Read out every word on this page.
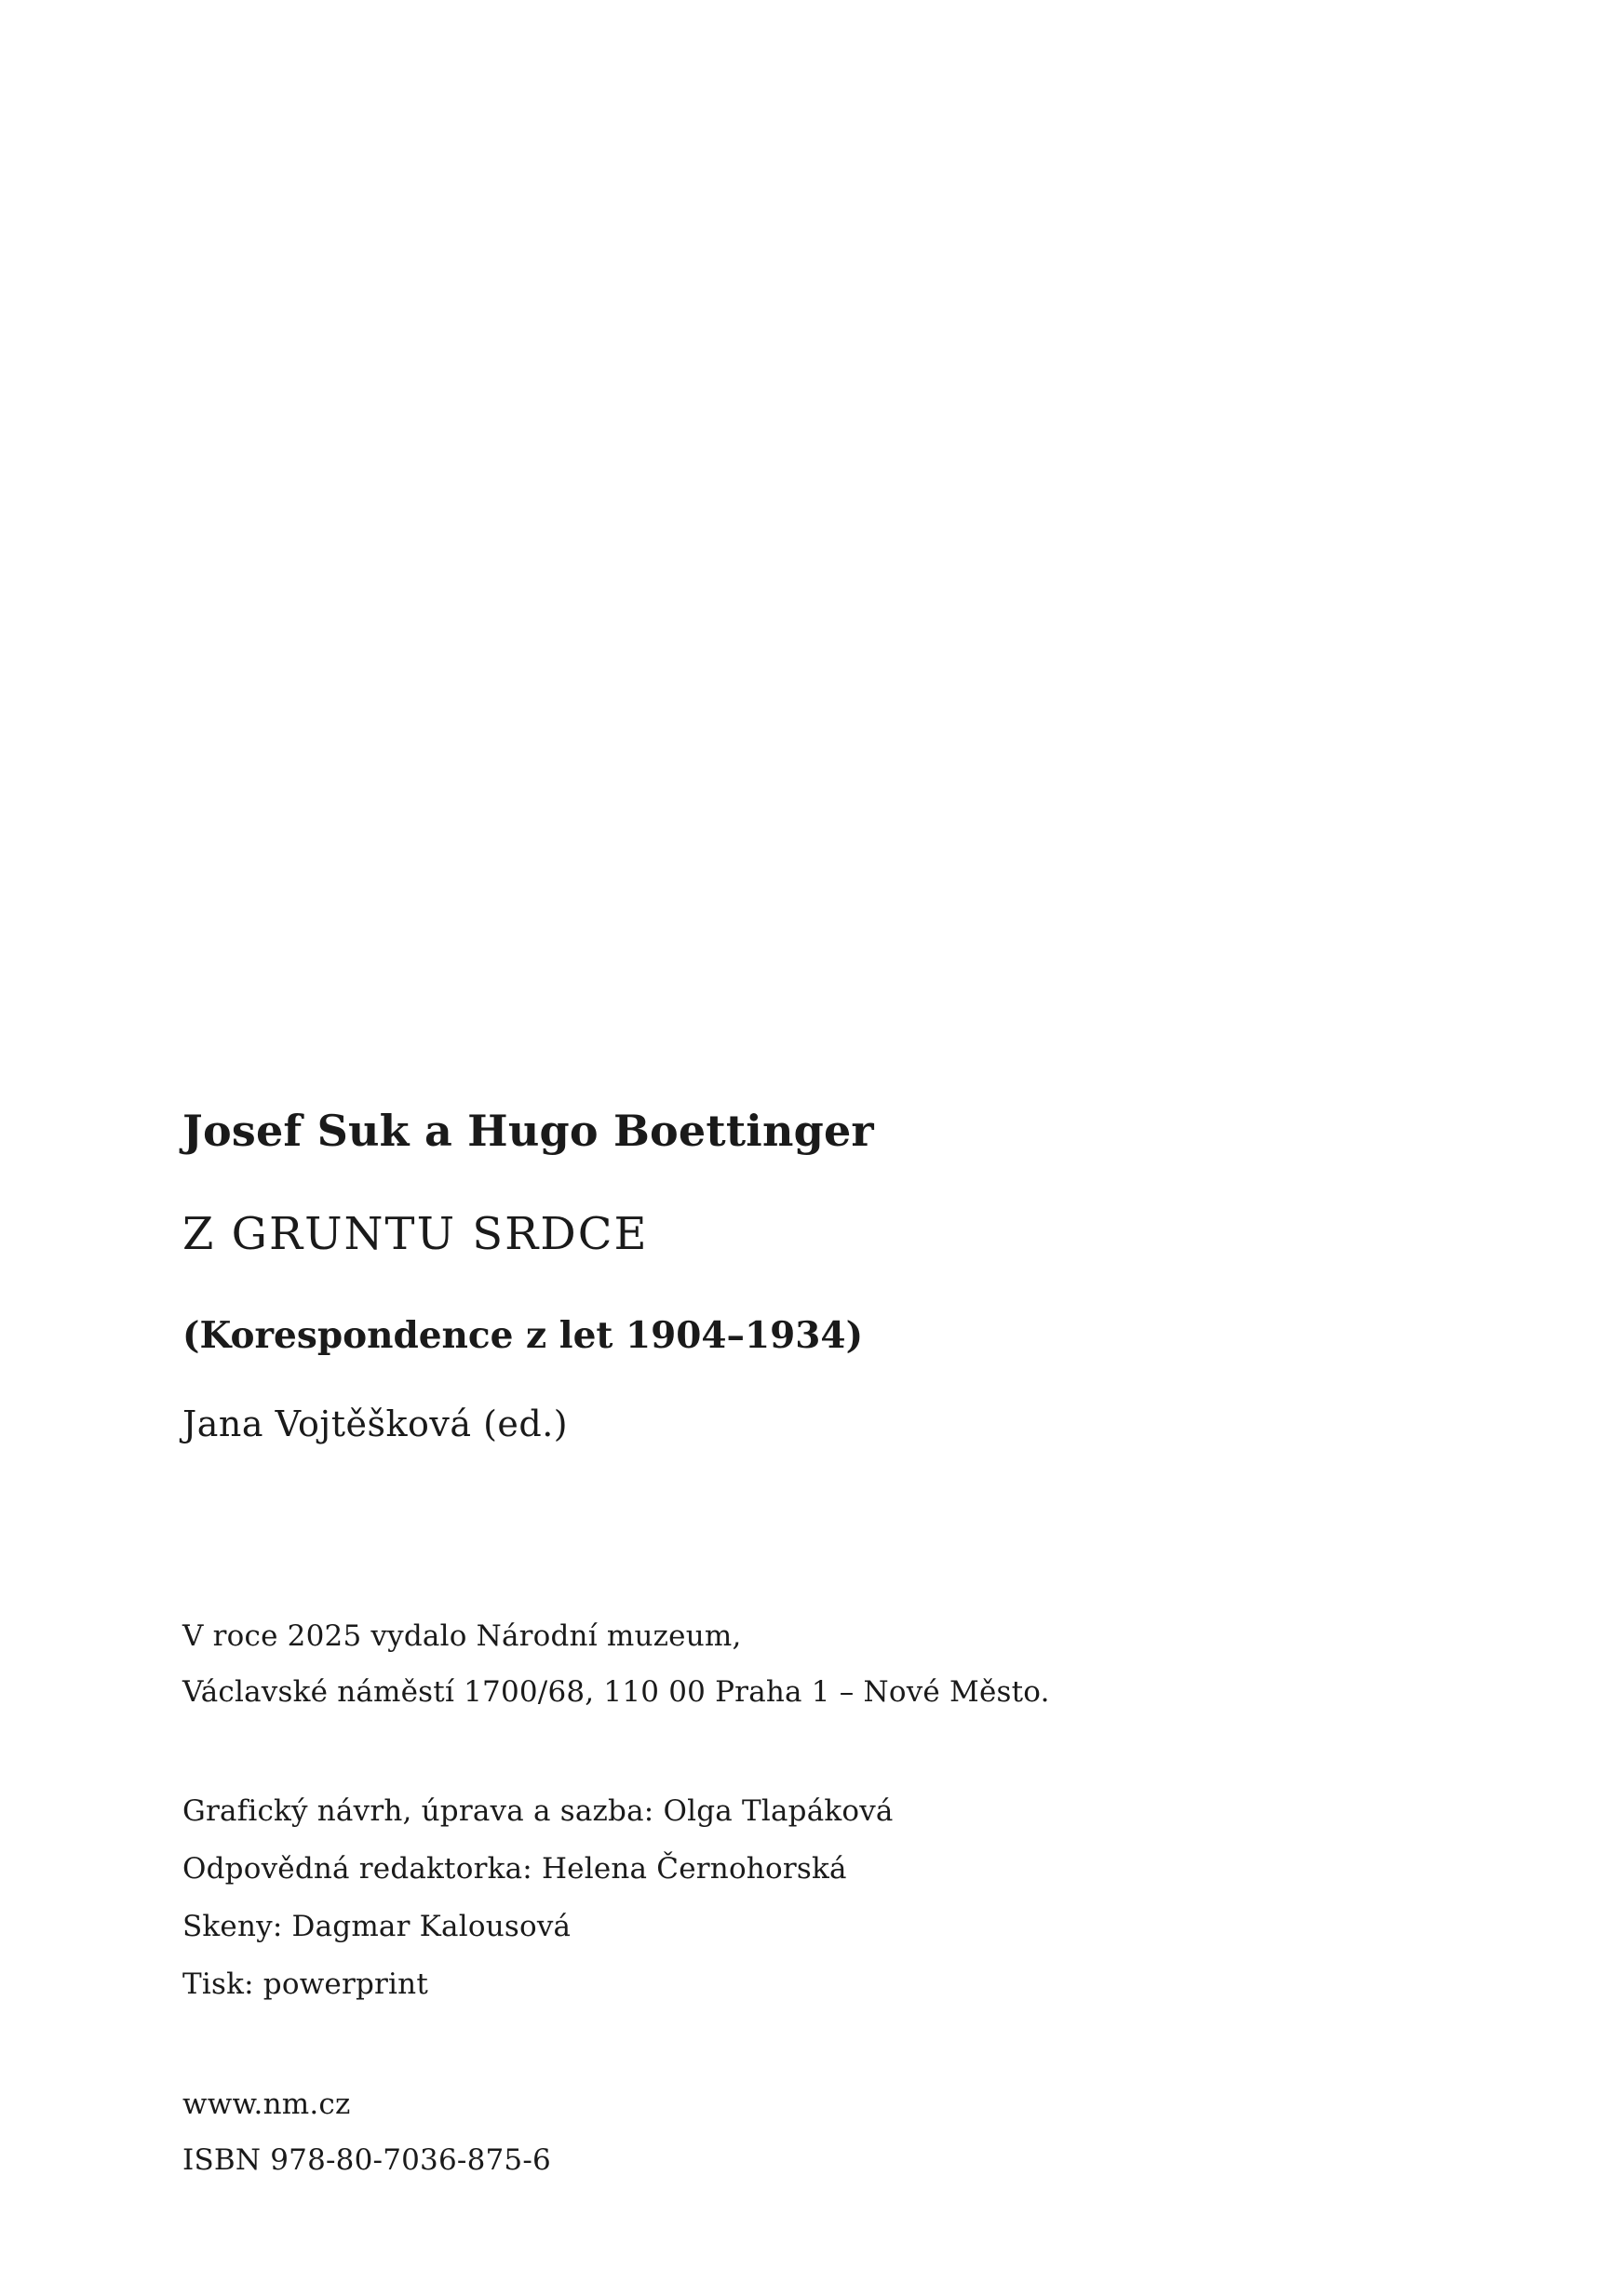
Josef Suk a Hugo Boettinger
Z GRUNTU SRDCE
(Korespondence z let 1904–1934)
Jana Vojtěšková (ed.)
V roce 2025 vydalo Národní muzeum,
Václavské náměstí 1700/68, 110 00 Praha 1 – Nové Město.
Grafický návrh, úprava a sazba: Olga Tlapáková
Odpovědná redaktorka: Helena Černohorská
Skeny: Dagmar Kalousová
Tisk: powerprint
www.nm.cz
ISBN 978-80-7036-875-6
